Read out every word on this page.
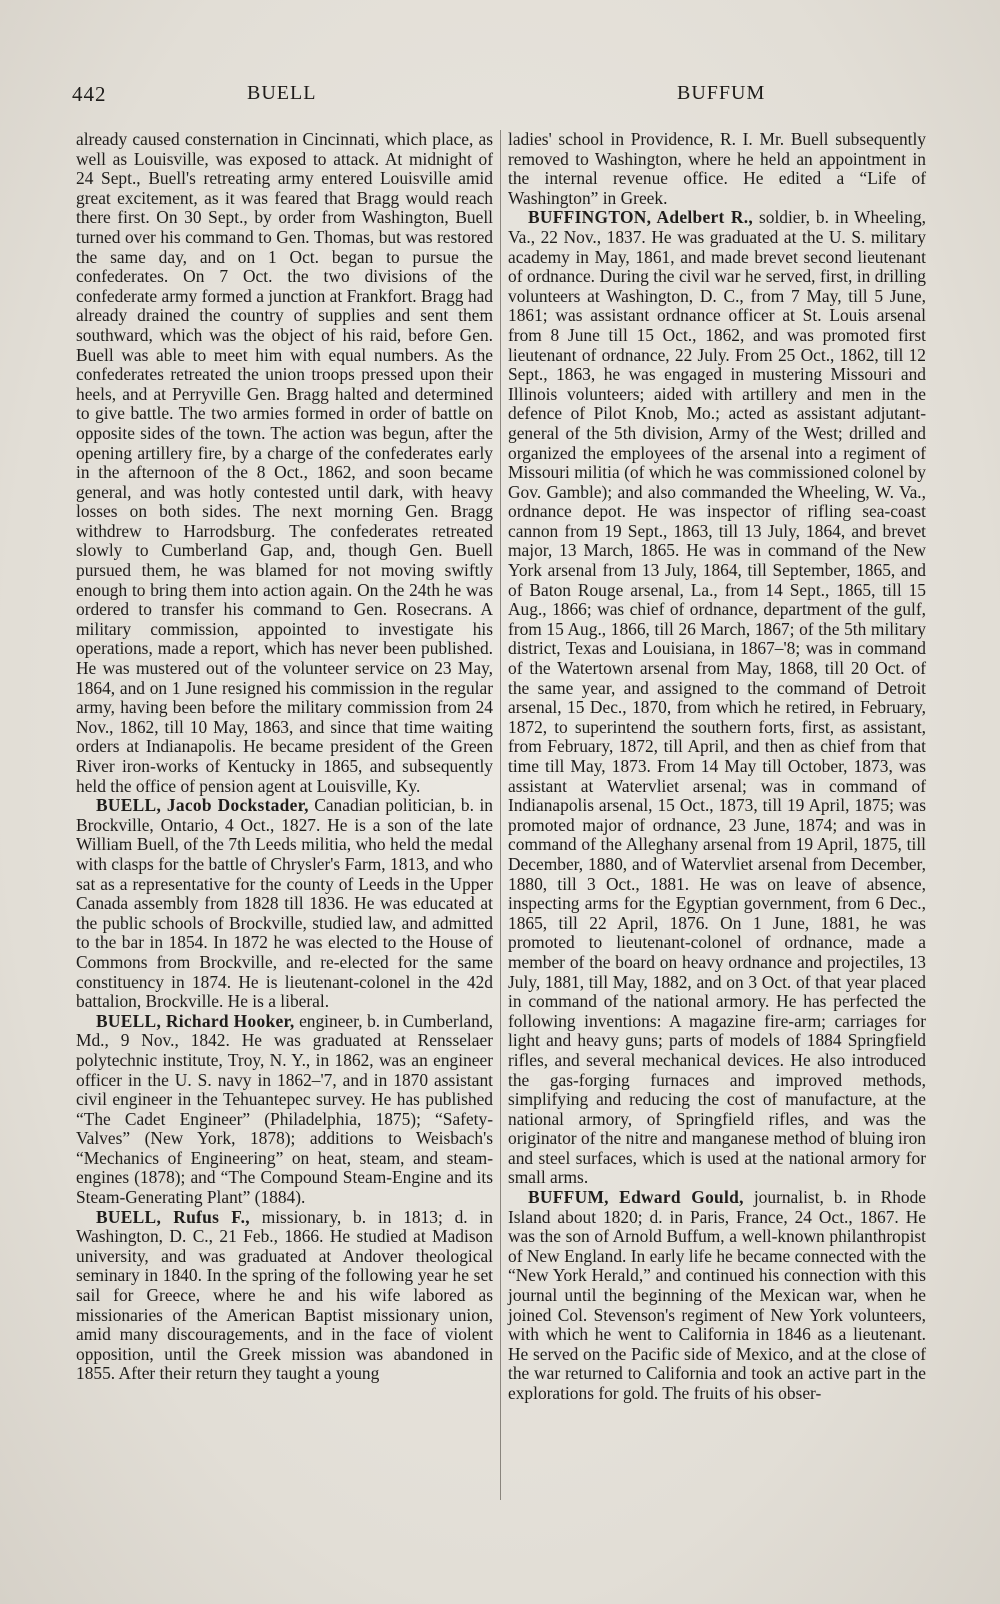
442	BUELL	BUFFUM

already caused consternation in Cincinnati, which place, as well as Louisville, was exposed to attack. At midnight of 24 Sept., Buell's retreating army entered Louisville amid great excitement, as it was feared that Bragg would reach there first. On 30 Sept., by order from Washington, Buell turned over his command to Gen. Thomas, but was restored the same day, and on 1 Oct. began to pursue the confederates. On 7 Oct. the two divisions of the confederate army formed a junction at Frankfort. Bragg had already drained the country of supplies and sent them southward, which was the object of his raid, before Gen. Buell was able to meet him with equal numbers. As the confederates retreated the union troops pressed upon their heels, and at Perryville Gen. Bragg halted and determined to give battle. The two armies formed in order of battle on opposite sides of the town. The action was begun, after the opening artillery fire, by a charge of the confederates early in the afternoon of the 8 Oct., 1862, and soon became general, and was hotly contested until dark, with heavy losses on both sides. The next morning Gen. Bragg withdrew to Harrodsburg. The confederates retreated slowly to Cumberland Gap, and, though Gen. Buell pursued them, he was blamed for not moving swiftly enough to bring them into action again. On the 24th he was ordered to transfer his command to Gen. Rosecrans. A military commission, appointed to investigate his operations, made a report, which has never been published. He was mustered out of the volunteer service on 23 May, 1864, and on 1 June resigned his commission in the regular army, having been before the military commission from 24 Nov., 1862, till 10 May, 1863, and since that time waiting orders at Indianapolis. He became president of the Green River iron-works of Kentucky in 1865, and subsequently held the office of pension agent at Louisville, Ky.

BUELL, Jacob Dockstader, Canadian politician, b. in Brockville, Ontario, 4 Oct., 1827. He is a son of the late William Buell, of the 7th Leeds militia, who held the medal with clasps for the battle of Chrysler's Farm, 1813, and who sat as a representative for the county of Leeds in the Upper Canada assembly from 1828 till 1836. He was educated at the public schools of Brockville, studied law, and admitted to the bar in 1854. In 1872 he was elected to the House of Commons from Brockville, and re-elected for the same constituency in 1874. He is lieutenant-colonel in the 42d battalion, Brockville. He is a liberal.

BUELL, Richard Hooker, engineer, b. in Cumberland, Md., 9 Nov., 1842. He was graduated at Rensselaer polytechnic institute, Troy, N. Y., in 1862, was an engineer officer in the U. S. navy in 1862–'7, and in 1870 assistant civil engineer in the Tehuantepec survey. He has published “The Cadet Engineer” (Philadelphia, 1875); “Safety-Valves” (New York, 1878); additions to Weisbach's “Mechanics of Engineering” on heat, steam, and steam-engines (1878); and “The Compound Steam-Engine and its Steam-Generating Plant” (1884).

BUELL, Rufus F., missionary, b. in 1813; d. in Washington, D. C., 21 Feb., 1866. He studied at Madison university, and was graduated at Andover theological seminary in 1840. In the spring of the following year he set sail for Greece, where he and his wife labored as missionaries of the American Baptist missionary union, amid many discouragements, and in the face of violent opposition, until the Greek mission was abandoned in 1855. After their return they taught a young

ladies' school in Providence, R. I. Mr. Buell subsequently removed to Washington, where he held an appointment in the internal revenue office. He edited a “Life of Washington” in Greek.

BUFFINGTON, Adelbert R., soldier, b. in Wheeling, Va., 22 Nov., 1837. He was graduated at the U. S. military academy in May, 1861, and made brevet second lieutenant of ordnance. During the civil war he served, first, in drilling volunteers at Washington, D. C., from 7 May, till 5 June, 1861; was assistant ordnance officer at St. Louis arsenal from 8 June till 15 Oct., 1862, and was promoted first lieutenant of ordnance, 22 July. From 25 Oct., 1862, till 12 Sept., 1863, he was engaged in mustering Missouri and Illinois volunteers; aided with artillery and men in the defence of Pilot Knob, Mo.; acted as assistant adjutant-general of the 5th division, Army of the West; drilled and organized the employees of the arsenal into a regiment of Missouri militia (of which he was commissioned colonel by Gov. Gamble); and also commanded the Wheeling, W. Va., ordnance depot. He was inspector of rifling sea-coast cannon from 19 Sept., 1863, till 13 July, 1864, and brevet major, 13 March, 1865. He was in command of the New York arsenal from 13 July, 1864, till September, 1865, and of Baton Rouge arsenal, La., from 14 Sept., 1865, till 15 Aug., 1866; was chief of ordnance, department of the gulf, from 15 Aug., 1866, till 26 March, 1867; of the 5th military district, Texas and Louisiana, in 1867–'8; was in command of the Watertown arsenal from May, 1868, till 20 Oct. of the same year, and assigned to the command of Detroit arsenal, 15 Dec., 1870, from which he retired, in February, 1872, to superintend the southern forts, first, as assistant, from February, 1872, till April, and then as chief from that time till May, 1873. From 14 May till October, 1873, was assistant at Watervliet arsenal; was in command of Indianapolis arsenal, 15 Oct., 1873, till 19 April, 1875; was promoted major of ordnance, 23 June, 1874; and was in command of the Alleghany arsenal from 19 April, 1875, till December, 1880, and of Watervliet arsenal from December, 1880, till 3 Oct., 1881. He was on leave of absence, inspecting arms for the Egyptian government, from 6 Dec., 1865, till 22 April, 1876. On 1 June, 1881, he was promoted to lieutenant-colonel of ordnance, made a member of the board on heavy ordnance and projectiles, 13 July, 1881, till May, 1882, and on 3 Oct. of that year placed in command of the national armory. He has perfected the following inventions: A magazine fire-arm; carriages for light and heavy guns; parts of models of 1884 Springfield rifles, and several mechanical devices. He also introduced the gas-forging furnaces and improved methods, simplifying and reducing the cost of manufacture, at the national armory, of Springfield rifles, and was the originator of the nitre and manganese method of bluing iron and steel surfaces, which is used at the national armory for small arms.

BUFFUM, Edward Gould, journalist, b. in Rhode Island about 1820; d. in Paris, France, 24 Oct., 1867. He was the son of Arnold Buffum, a well-known philanthropist of New England. In early life he became connected with the “New York Herald,” and continued his connection with this journal until the beginning of the Mexican war, when he joined Col. Stevenson's regiment of New York volunteers, with which he went to California in 1846 as a lieutenant. He served on the Pacific side of Mexico, and at the close of the war returned to California and took an active part in the explorations for gold. The fruits of his obser-
